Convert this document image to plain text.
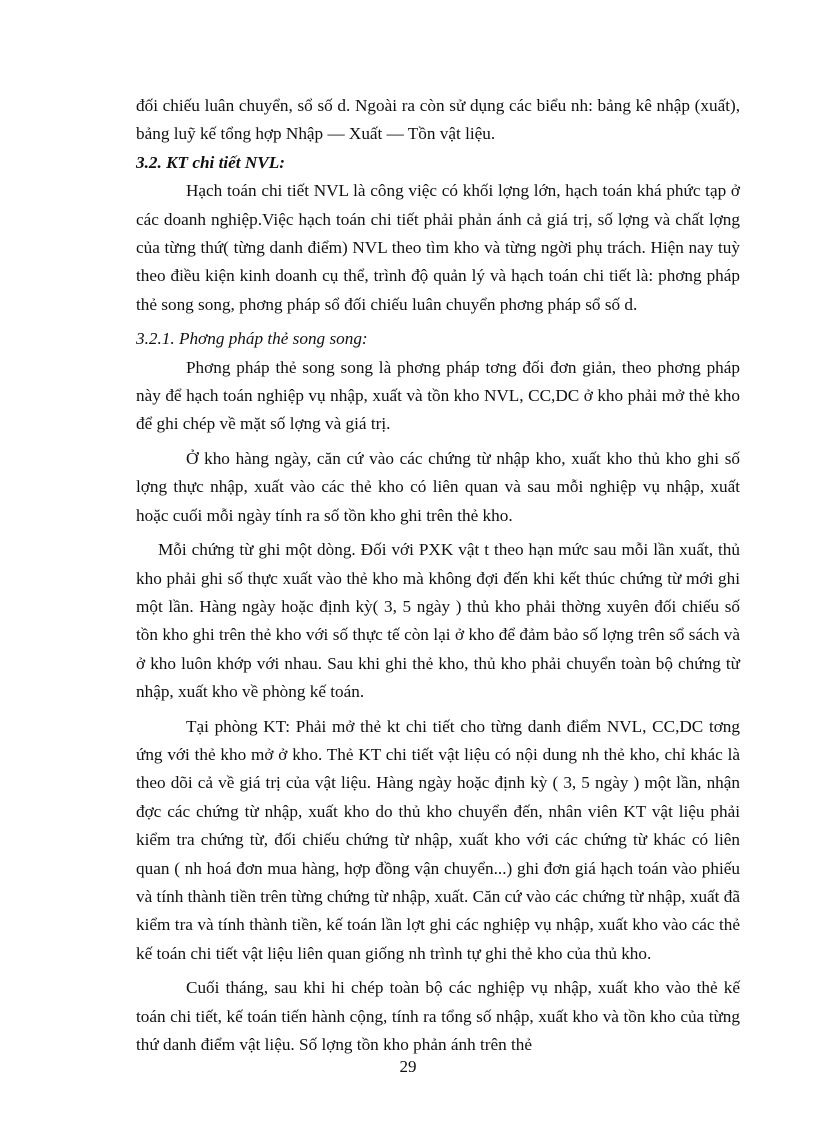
đối chiếu luân chuyển, sổ số d. Ngoài ra còn sử dụng các biểu nh: bảng kê nhập (xuất), bảng luỹ kế tổng hợp Nhập — Xuất — Tồn vật liệu.

3.2. KT chi tiết NVL:

Hạch toán chi tiết NVL là công việc có khối lợng lớn, hạch toán khá phức tạp ở các doanh nghiệp.Việc hạch toán chi tiết phải phản ánh cả giá trị, số lợng và chất lợng của từng thứ( từng danh điểm) NVL theo tìm kho và từng ngời phụ trách. Hiện nay tuỳ theo điều kiện kinh doanh cụ thể, trình độ quản lý và hạch toán chi tiết là: phơng pháp thẻ song song, phơng pháp sổ đối chiếu luân chuyển phơng pháp sổ số d.

3.2.1. Phơng pháp thẻ song song:

Phơng pháp thẻ song song là phơng pháp tơng đối đơn giản, theo phơng pháp này để hạch toán nghiệp vụ nhập, xuất và tồn kho NVL, CC,DC ở kho phải mở thẻ kho để ghi chép về mặt số lợng và giá trị.

Ở kho hàng ngày, căn cứ vào các chứng từ nhập kho, xuất kho thủ kho ghi số lợng thực nhập, xuất vào các thẻ kho có liên quan và sau mỗi nghiệp vụ nhập, xuất hoặc cuối mỗi ngày tính ra số tồn kho ghi trên thẻ kho.

Mỗi chứng từ ghi một dòng. Đối với PXK vật t theo hạn mức sau mỗi lần xuất, thủ kho phải ghi số thực xuất vào thẻ kho mà không đợi đến khi kết thúc chứng từ mới ghi một lần. Hàng ngày hoặc định kỳ( 3, 5 ngày ) thủ kho phải thờng xuyên đối chiếu số tồn kho ghi trên thẻ kho với số thực tế còn lại ở kho để đảm bảo số lợng trên sổ sách và ở kho luôn khớp với nhau. Sau khi ghi thẻ kho, thủ kho phải chuyển toàn bộ chứng từ nhập, xuất kho về phòng kế toán.

Tại phòng KT: Phải mở thẻ kt chi tiết cho từng danh điểm NVL, CC,DC tơng ứng với thẻ kho mở ở kho. Thẻ KT chi tiết vật liệu có nội dung nh thẻ kho, chỉ khác là theo dõi cả về giá trị của vật liệu. Hàng ngày hoặc định kỳ ( 3, 5 ngày ) một lần, nhận đợc các chứng từ nhập, xuất kho do thủ kho chuyển đến, nhân viên KT vật liệu phải kiểm tra chứng từ, đối chiếu chứng từ nhập, xuất kho với các chứng từ khác có liên quan ( nh hoá đơn mua hàng, hợp đồng vận chuyển...) ghi đơn giá hạch toán vào phiếu và tính thành tiền trên từng chứng từ nhập, xuất. Căn cứ vào các chứng từ nhập, xuất đã kiểm tra và tính thành tiền, kế toán lần lợt ghi các nghiệp vụ nhập, xuất kho vào các thẻ kế toán chi tiết vật liệu liên quan giống nh trình tự ghi thẻ kho của thủ kho.

Cuối tháng, sau khi hi chép toàn bộ các nghiệp vụ nhập, xuất kho vào thẻ kế toán chi tiết, kế toán tiến hành cộng, tính ra tổng số nhập, xuất kho và tồn kho của từng thứ danh điểm vật liệu. Số lợng tồn kho phản ánh trên thẻ

29
